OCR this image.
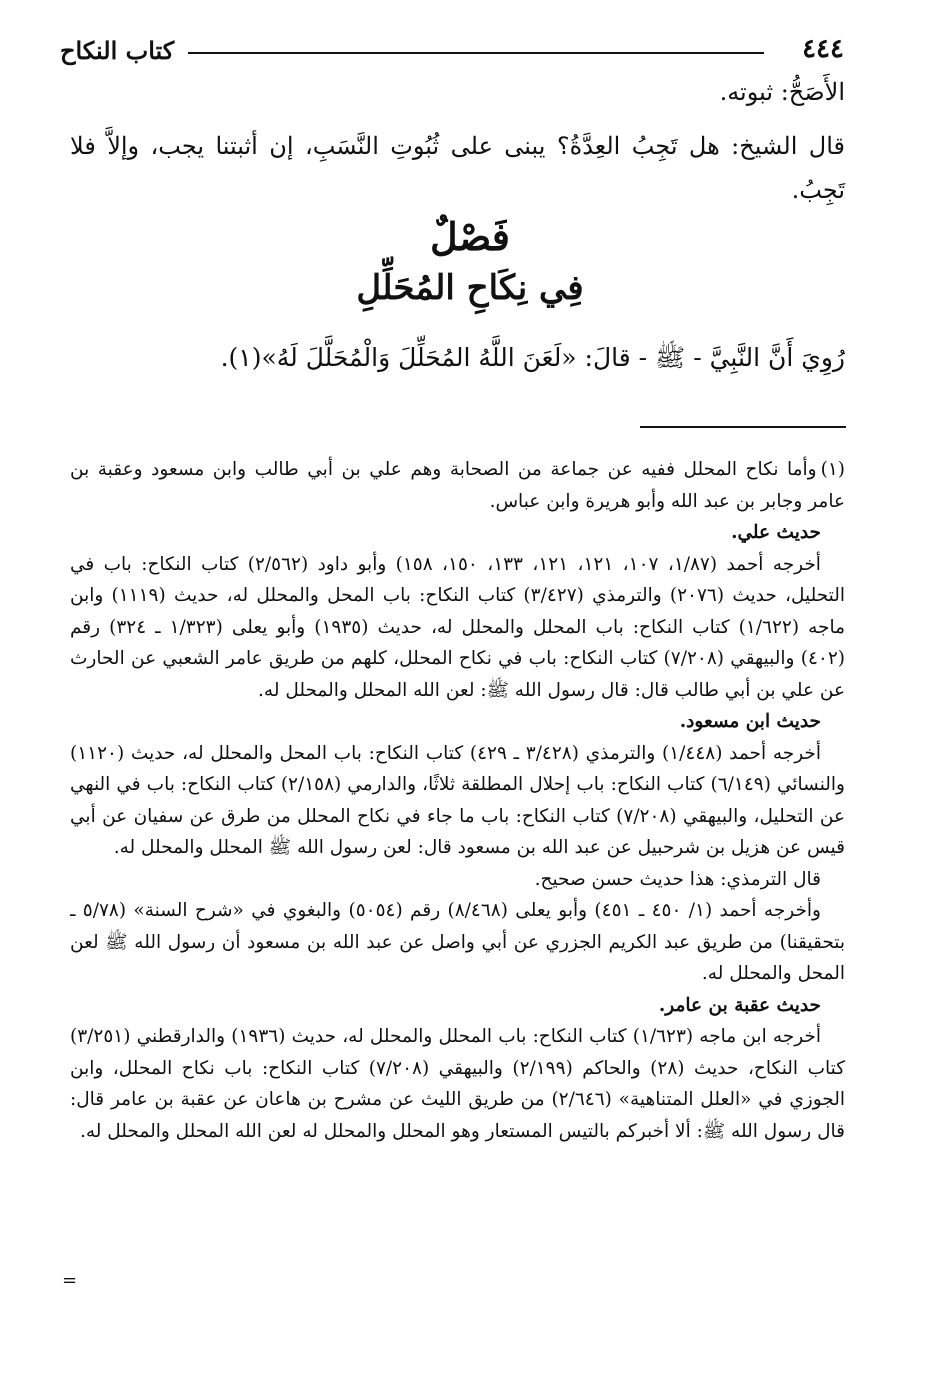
كتاب النكاح	٤٤٤
الأَصَحُّ: ثبوته.
قال الشيخ: هل تَجِبُ العِدَّةُ؟ يبنى على ثُبُوتِ النَّسَبِ، إن أثبتنا يجب، وإلاَّ فلا تَجِبُ.
فَصْلٌ
فِي نِكَاحِ المُحَلِّلِ
رُوِيَ أَنَّ النَّبِيَّ - ﷺ - قالَ: «لَعَنَ اللَّهُ المُحَلِّلَ وَالْمُحَلَّلَ لَهُ»(١).

(١)وأما نكاح المحلل ففيه عن جماعة من الصحابة وهم علي بن أبي طالب وابن مسعود وعقبة بن عامر وجابر بن عبد الله وأبو هريرة وابن عباس.

حديث علي.

أخرجه أحمد (١/٨٧، ١٠٧، ١٢١، ١٢١، ١٣٣، ١٥٠، ١٥٨) وأبو داود (٢/٥٦٢) كتاب النكاح: باب في التحليل، حديث (٢٠٧٦) والترمذي (٣/٤٢٧) كتاب النكاح: باب المحل والمحلل له، حديث (١١١٩) وابن ماجه (١/٦٢٢) كتاب النكاح: باب المحلل والمحلل له، حديث (١٩٣٥) وأبو يعلى (١/٣٢٣ ـ ٣٢٤) رقم (٤٠٢) والبيهقي (٧/٢٠٨) كتاب النكاح: باب في نكاح المحلل، كلهم من طريق عامر الشعبي عن الحارث عن علي بن أبي طالب قال: قال رسول الله ﷺ: لعن الله المحلل والمحلل له.

حديث ابن مسعود.

أخرجه أحمد (١/٤٤٨) والترمذي (٣/٤٢٨ ـ ٤٢٩) كتاب النكاح: باب المحل والمحلل له، حديث (١١٢٠) والنسائي (٦/١٤٩) كتاب النكاح: باب إحلال المطلقة ثلاثًا، والدارمي (٢/١٥٨) كتاب النكاح: باب في النهي عن التحليل، والبيهقي (٧/٢٠٨) كتاب النكاح: باب ما جاء في نكاح المحلل من طرق عن سفيان عن أبي قيس عن هزيل بن شرحبيل عن عبد الله بن مسعود قال: لعن رسول الله ﷺ المحلل والمحلل له.

قال الترمذي: هذا حديث حسن صحيح.

وأخرجه أحمد (١/ ٤٥٠ ـ ٤٥١) وأبو يعلى (٨/٤٦٨) رقم (٥٠٥٤) والبغوي في «شرح السنة» (٥/٧٨ ـ بتحقيقنا) من طريق عبد الكريم الجزري عن أبي واصل عن عبد الله بن مسعود أن رسول الله ﷺ لعن المحل والمحلل له.

حديث عقبة بن عامر.

أخرجه ابن ماجه (١/٦٢٣) كتاب النكاح: باب المحلل والمحلل له، حديث (١٩٣٦) والدارقطني (٣/٢٥١) كتاب النكاح، حديث (٢٨) والحاكم (٢/١٩٩) والبيهقي (٧/٢٠٨) كتاب النكاح: باب نكاح المحلل، وابن الجوزي في «العلل المتناهية» (٢/٦٤٦) من طريق الليث عن مشرح بن هاعان عن عقبة بن عامر قال: قال رسول الله ﷺ: ألا أخبركم بالتيس المستعار وهو المحلل والمحلل له لعن الله المحلل والمحلل له.

=
